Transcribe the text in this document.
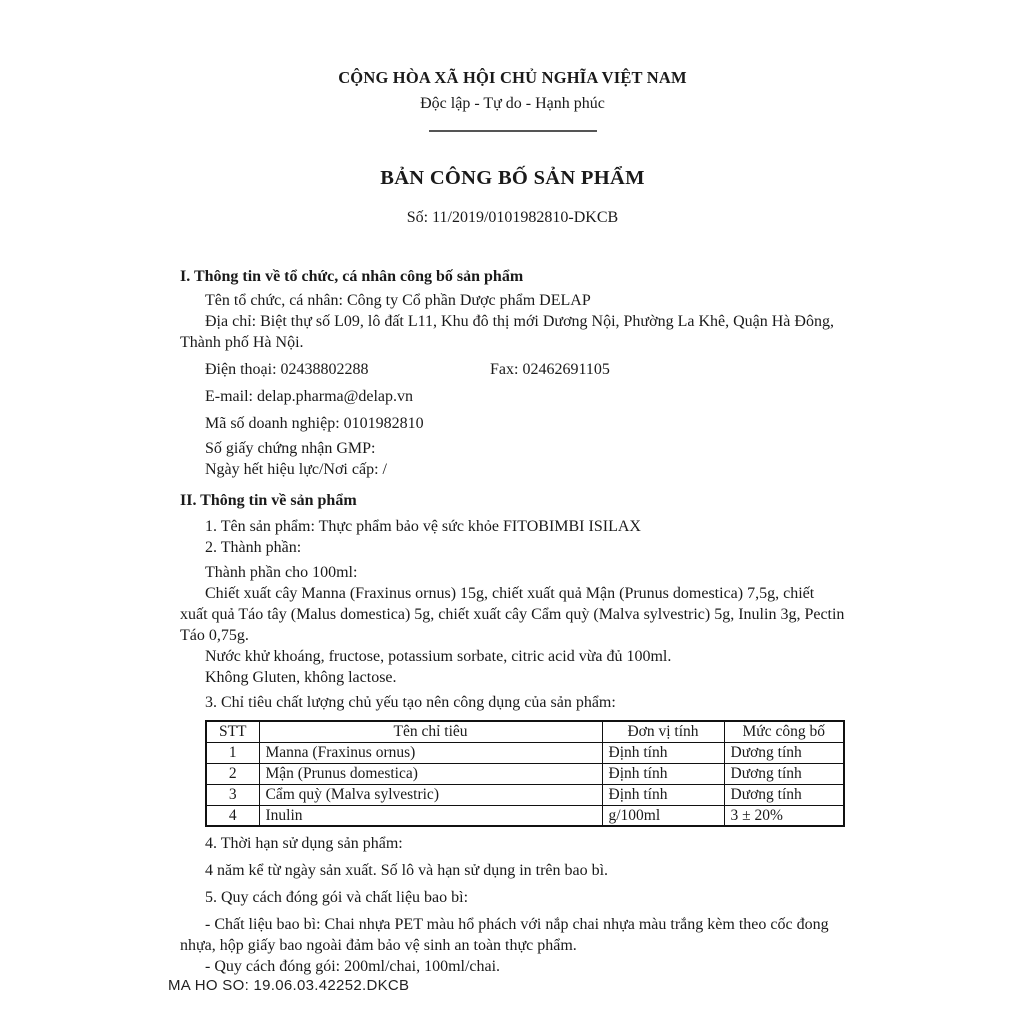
CỘNG HÒA XÃ HỘI CHỦ NGHĨA VIỆT NAM
Độc lập - Tự do - Hạnh phúc
BẢN CÔNG BỐ SẢN PHẨM
Số: 11/2019/0101982810-DKCB
I. Thông tin về tổ chức, cá nhân công bố sản phẩm

Tên tổ chức, cá nhân: Công ty Cổ phần Dược phẩm DELAP

Địa chỉ: Biệt thự số L09, lô đất L11, Khu đô thị mới Dương Nội, Phường La Khê, Quận Hà Đông, Thành phố Hà Nội.

Điện thoại: 02438802288	Fax: 02462691105

E-mail: delap.pharma@delap.vn

Mã số doanh nghiệp: 0101982810

Số giấy chứng nhận GMP:

Ngày hết hiệu lực/Nơi cấp: /

II. Thông tin về sản phẩm

1. Tên sản phẩm: Thực phẩm bảo vệ sức khỏe FITOBIMBI ISILAX

2. Thành phần:

Thành phần cho 100ml:

Chiết xuất cây Manna (Fraxinus ornus) 15g, chiết xuất quả Mận (Prunus domestica) 7,5g, chiết xuất quả Táo tây (Malus domestica) 5g, chiết xuất cây Cẩm quỳ (Malva sylvestric) 5g, Inulin 3g, Pectin Táo 0,75g.

Nước khử khoáng, fructose, potassium sorbate, citric acid vừa đủ 100ml.

Không Gluten, không lactose.

3. Chỉ tiêu chất lượng chủ yếu tạo nên công dụng của sản phẩm:

STT	Tên chỉ tiêu	Đơn vị tính	Mức công bố
1	Manna (Fraxinus ornus)	Định tính	Dương tính
2	Mận (Prunus domestica)	Định tính	Dương tính
3	Cẩm quỳ (Malva sylvestric)	Định tính	Dương tính
4	Inulin	g/100ml	3 ± 20%

4. Thời hạn sử dụng sản phẩm:

4 năm kể từ ngày sản xuất. Số lô và hạn sử dụng in trên bao bì.

5. Quy cách đóng gói và chất liệu bao bì:

- Chất liệu bao bì: Chai nhựa PET màu hổ phách với nắp chai nhựa màu trắng kèm theo cốc đong nhựa, hộp giấy bao ngoài đảm bảo vệ sinh an toàn thực phẩm.

- Quy cách đóng gói: 200ml/chai, 100ml/chai.

MA HO SO: 19.06.03.42252.DKCB
